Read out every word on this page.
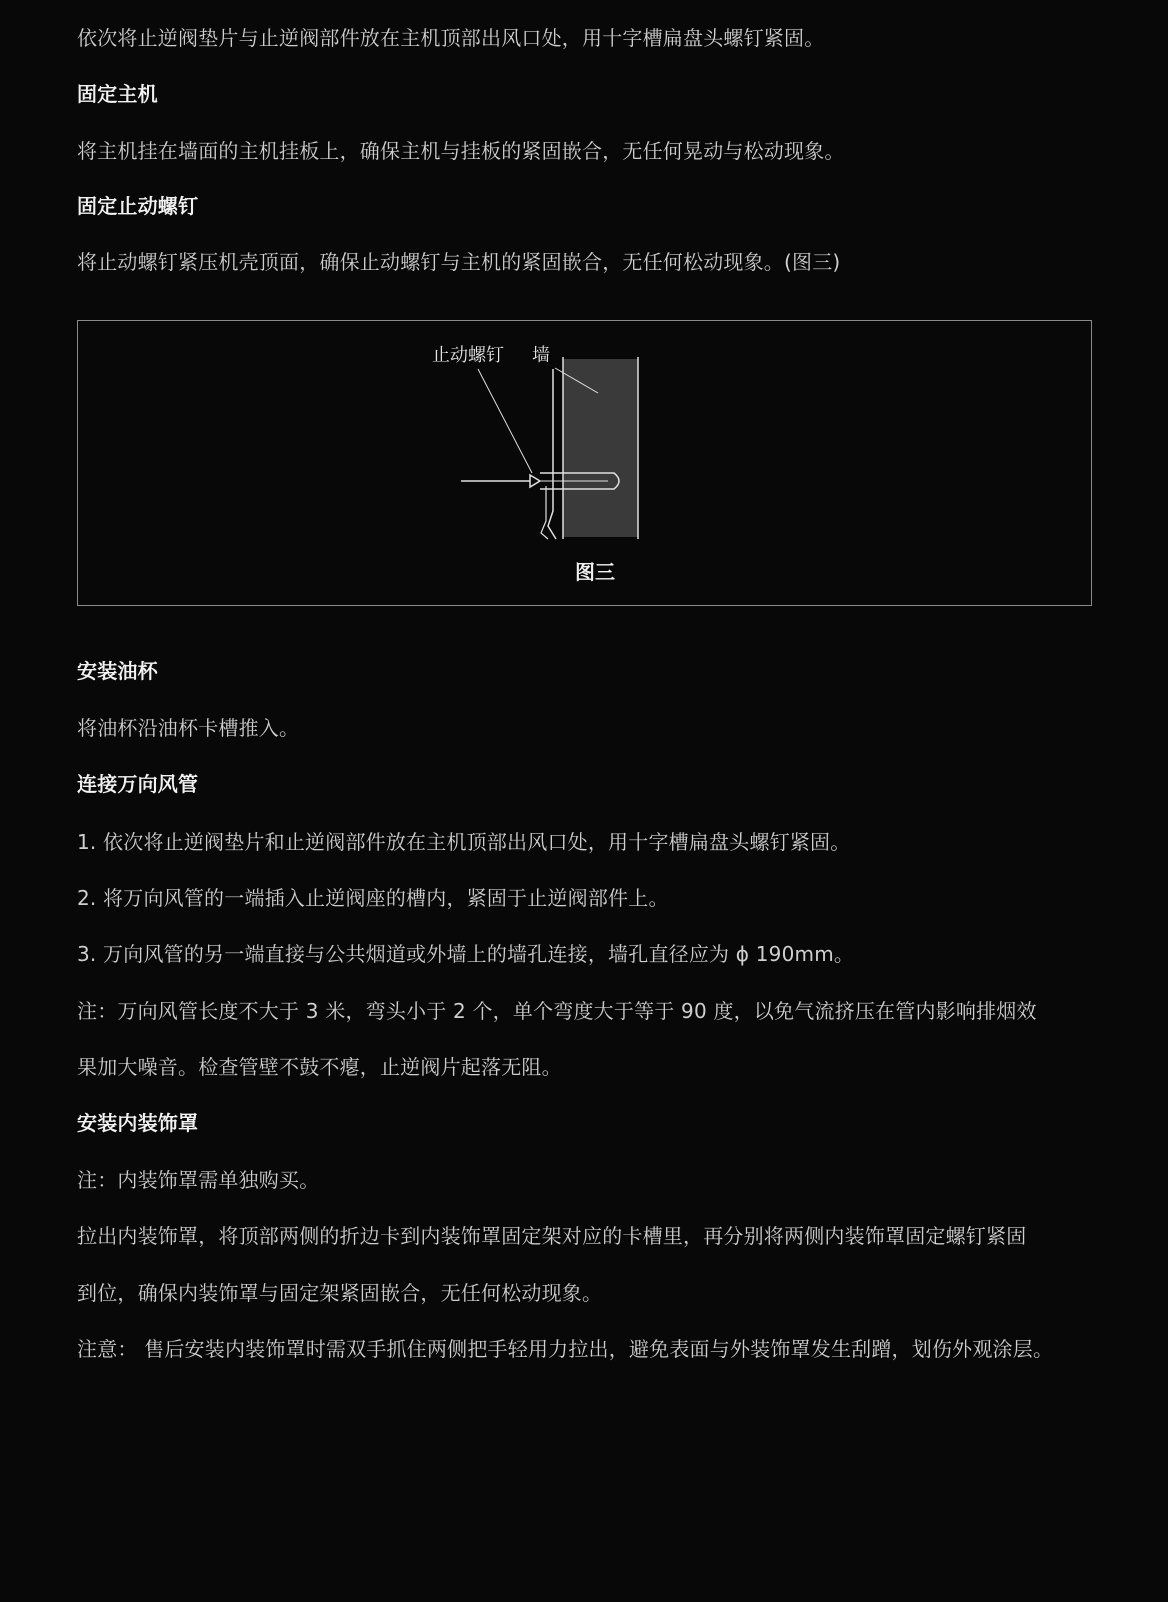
依次将止逆阀垫片与止逆阀部件放在主机顶部出风口处，用十字槽扁盘头螺钉紧固。
固定主机
将主机挂在墙面的主机挂板上，确保主机与挂板的紧固嵌合，无任何晃动与松动现象。
固定止动螺钉
将止动螺钉紧压机壳顶面，确保止动螺钉与主机的紧固嵌合，无任何松动现象。(图三)
安装油杯
将油杯沿油杯卡槽推入。
连接万向风管
1. 依次将止逆阀垫片和止逆阀部件放在主机顶部出风口处，用十字槽扁盘头螺钉紧固。
2. 将万向风管的一端插入止逆阀座的槽内，紧固于止逆阀部件上。
3. 万向风管的另一端直接与公共烟道或外墙上的墙孔连接，墙孔直径应为 ϕ 190mm。
注：万向风管长度不大于 3 米，弯头小于 2 个，单个弯度大于等于 90 度，以免气流挤压在管内影响排烟效
果加大噪音。检查管壁不鼓不瘪，止逆阀片起落无阻。
安装内装饰罩
注：内装饰罩需单独购买。
拉出内装饰罩，将顶部两侧的折边卡到内装饰罩固定架对应的卡槽里，再分别将两侧内装饰罩固定螺钉紧固
到位，确保内装饰罩与固定架紧固嵌合，无任何松动现象。
注意： 售后安装内装饰罩时需双手抓住两侧把手轻用力拉出，避免表面与外装饰罩发生刮蹭，划伤外观涂层。
止动螺钉 墙
图三
